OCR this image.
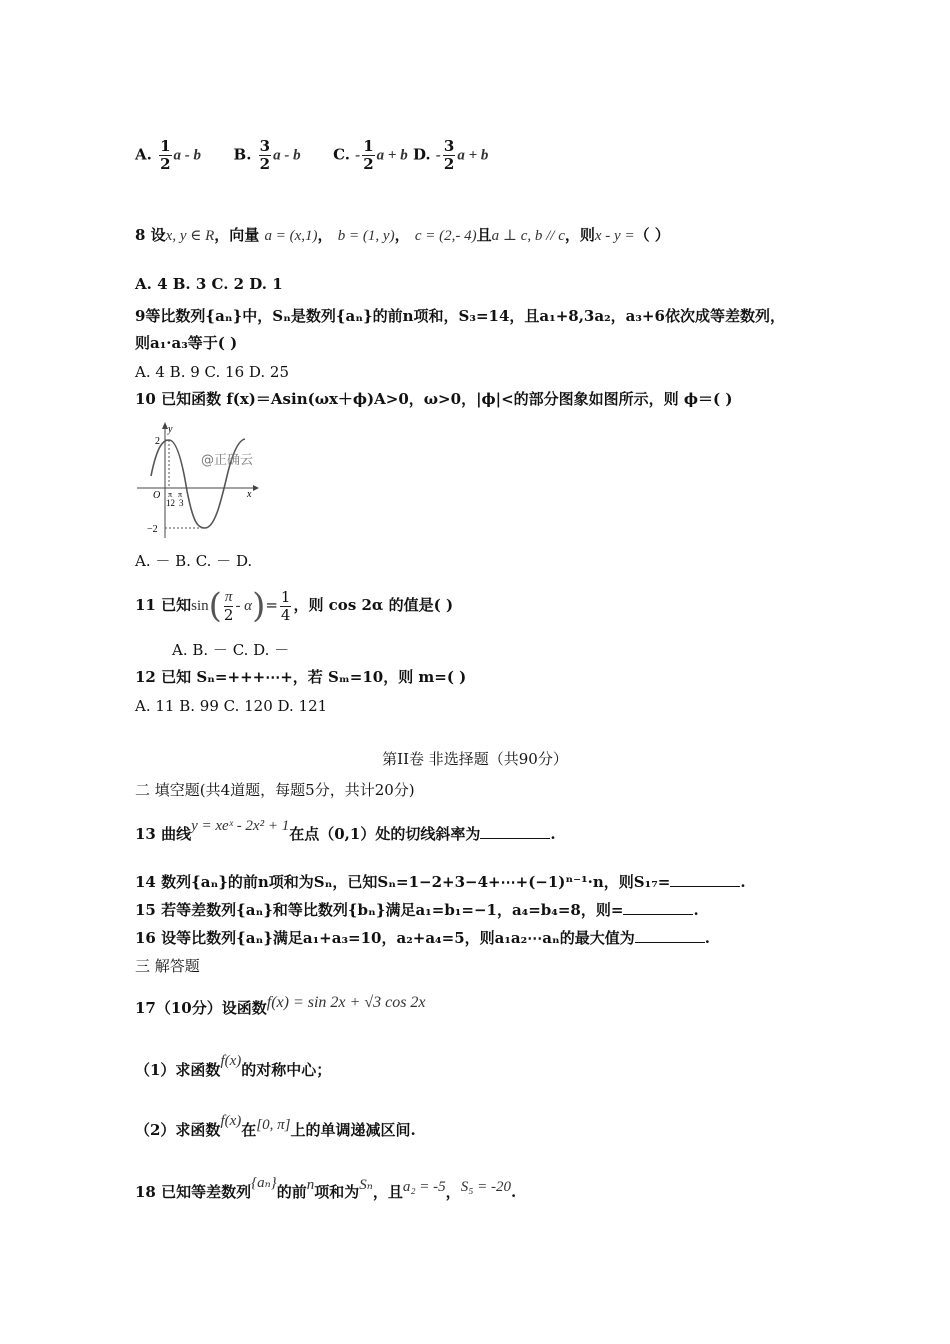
A. $\frac{1}{2}$ a - b B. $\frac{3}{2}$ a - b C. - $\frac{1}{2}$ a + b D. - $\frac{3}{2}$ a + b
8 设x, y ∈ R，向量 a = (x,1)， b = (1, y)， c = (2,- 4)且a ⊥ c, b // c，则x - y =（ ）
A. 4 B. 3 C. 2 D. 1
9等比数列{aₙ}中，Sₙ是数列{aₙ}的前n项和，S₃=14，且a₁+8,3a₂，a₃+6依次成等差数列，
则a₁·a₃等于( )
A. 4 B. 9 C. 16 D. 25
10 已知函数 f(x)＝Asin(ωx＋ϕ)A>0，ω>0，|ϕ|<的部分图象如图所示，则 ϕ＝( )
y
x
O
2
−2
π
12
π
3
@正确云
A. － B. C. － D.
11 已知$\sin( \frac{\pi}{2} - \alpha)= \frac{1}{4}$ ，则 cos 2α 的值是( )
A. B. － C. D. －
12 已知 Sₙ=+++⋯+，若 Sₘ=10，则 m=( )
A. 11 B. 99 C. 120 D. 121
第II卷 非选择题（共90分）
二 填空题(共4道题，每题5分，共计20分)
13 曲线y = xeˣ - 2x² + 1在点（0,1）处的切线斜率为	.
14 数列{aₙ}的前n项和为Sₙ，已知Sₙ=1−2+3−4+⋯+(−1)ⁿ⁻¹·n，则S₁₇=	.
15 若等差数列{aₙ}和等比数列{bₙ}满足a₁=b₁=−1，a₄=b₄=8，则=	.
16 设等比数列{aₙ}满足a₁+a₃=10，a₂+a₄=5，则a₁a₂⋯aₙ的最大值为	.
三 解答题
17（10分）设函数f(x) = sin 2x + √3 cos 2x
（1）求函数f(x)的对称中心；
（2）求函数f(x)在[0, π]上的单调递减区间.
18 已知等差数列{aₙ}的前n项和为Sₙ，且a₂ = -5，S₅ = -20.
